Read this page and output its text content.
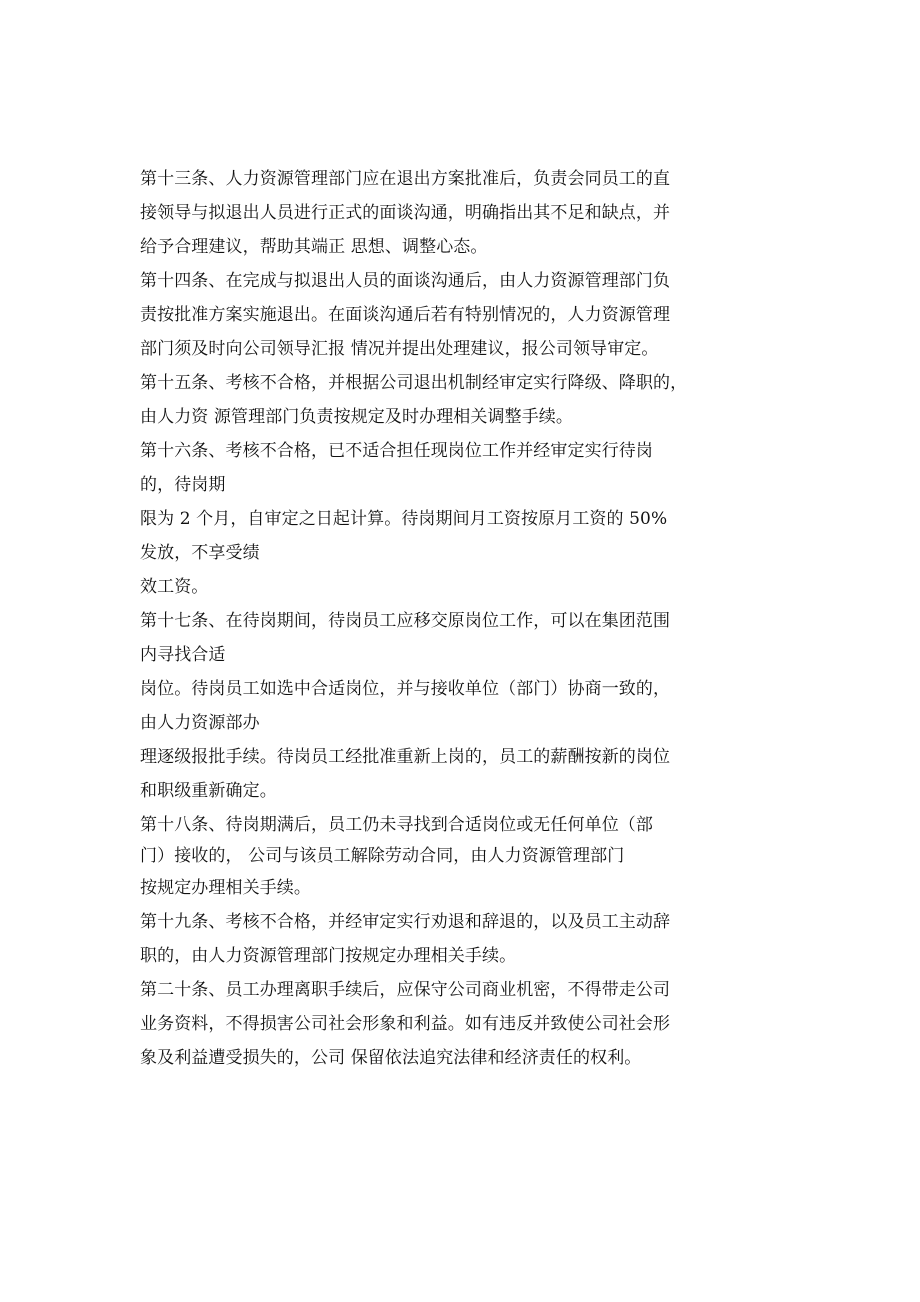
第十三条、人力资源管理部门应在退出方案批准后，负责会同员工的直
接领导与拟退出人员进行正式的面谈沟通，明确指出其不足和缺点，并
给予合理建议，帮助其端正 思想、调整心态。
第十四条、在完成与拟退出人员的面谈沟通后，由人力资源管理部门负
责按批准方案实施退出。在面谈沟通后若有特别情况的，人力资源管理
部门须及时向公司领导汇报 情况并提出处理建议，报公司领导审定。
第十五条、考核不合格，并根据公司退出机制经审定实行降级、降职的，
由人力资 源管理部门负责按规定及时办理相关调整手续。
第十六条、考核不合格，已不适合担任现岗位工作并经审定实行待岗
的，待岗期
限为 2 个月，自审定之日起计算。待岗期间月工资按原月工资的 50%
发放，不享受绩
效工资。
第十七条、在待岗期间，待岗员工应移交原岗位工作，可以在集团范围
内寻找合适
岗位。待岗员工如选中合适岗位，并与接收单位（部门）协商一致的，
由人力资源部办
理逐级报批手续。待岗员工经批准重新上岗的，员工的薪酬按新的岗位
和职级重新确定。
第十八条、待岗期满后，员工仍未寻找到合适岗位或无任何单位（部
门）接收的， 公司与该员工解除劳动合同，由人力资源管理部门
按规定办理相关手续。
第十九条、考核不合格，并经审定实行劝退和辞退的，以及员工主动辞
职的，由人力资源管理部门按规定办理相关手续。
第二十条、员工办理离职手续后，应保守公司商业机密，不得带走公司
业务资料，不得损害公司社会形象和利益。如有违反并致使公司社会形
象及利益遭受损失的，公司 保留依法追究法律和经济责任的权利。
